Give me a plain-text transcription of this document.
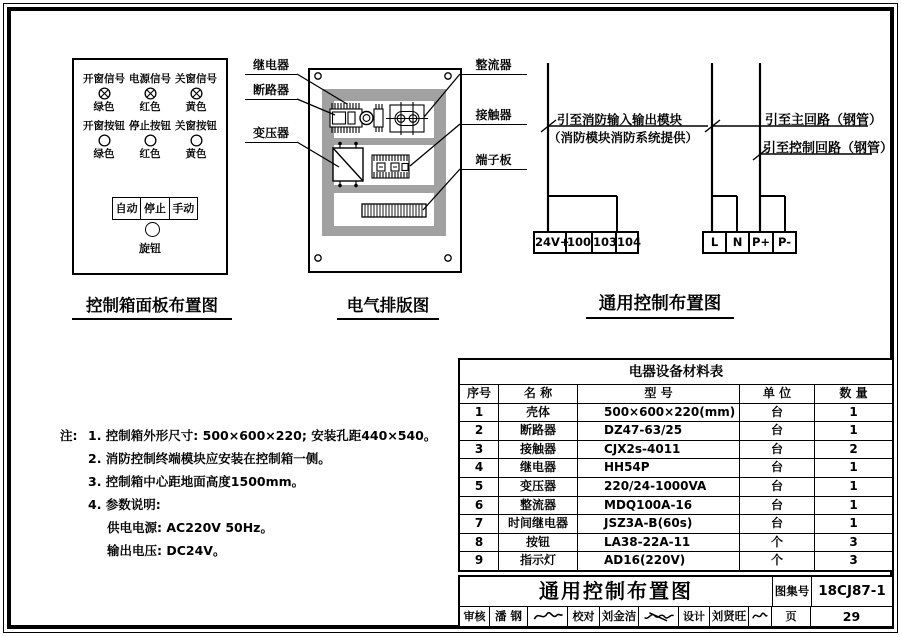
开窗信号
绿色
电源信号
红色
关窗信号
黄色
开窗按钮
绿色
停止按钮
红色
关窗按钮
黄色
自动 停止 手动
旋钮
继电器
断路器
变压器
整流器
接触器
端子板
引至消防输入输出模块
（消防模块消防系统提供）
引至主回路（钢管）
引至控制回路（钢管）
24V+
100 103 104	L	N P+ P-
控制箱面板布置图	电气排版图	通用控制布置图
注: 1. 控制箱外形尺寸: 500×600×220; 安装孔距440×540。
2. 消防控制终端模块应安装在控制箱一侧。
3. 控制箱中心距地面高度1500mm。
4. 参数说明:
供电电源: AC220V 50Hz。
输出电压: DC24V。
电器设备材料表
序号	名 称	型 号	单 位	数 量
1	壳体	500×600×220(mm)	台	1
2	断路器	DZ47-63/25	台	1
3	接触器	CJX2s-4011	台	2
4	继电器	HH54P	台	1
5	变压器	220/24-1000VA	台	1
6	整流器	MDQ100A-16	台	1
7	时间继电器	JSZ3A-B(60s)	台	1
8	按钮	LA38-22A-11	个	3
9	指示灯	AD16(220V)	个	3
通用控制布置图	图集号 18CJ87-1
审核 潘 钢	校对 刘金洁	设计 刘贤旺	页	29
